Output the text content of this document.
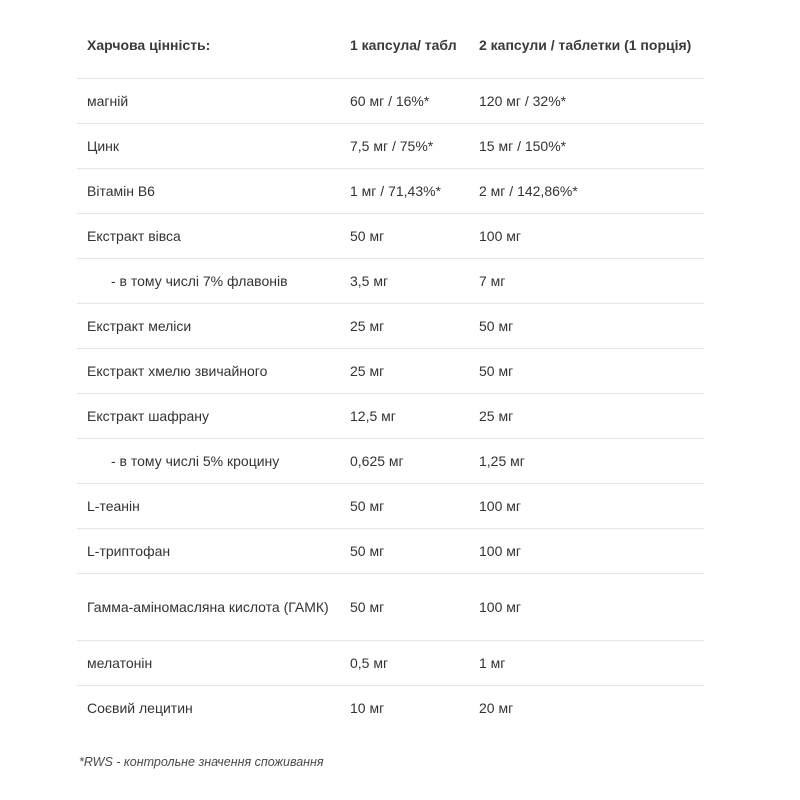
Харчова цінність:	1 капсула/ табл	2 капсули / таблетки (1 порція)
магній	60 мг / 16%*	120 мг / 32%*
Цинк	7,5 мг / 75%*	15 мг / 150%*
Вітамін В6	1 мг / 71,43%*	2 мг / 142,86%*
Екстракт вівса	50 мг	100 мг
- в тому числі 7% флавонів	3,5 мг	7 мг
Екстракт меліси	25 мг	50 мг
Екстракт хмелю звичайного	25 мг	50 мг
Екстракт шафрану	12,5 мг	25 мг
- в тому числі 5% кроцину	0,625 мг	1,25 мг
L-теанін	50 мг	100 мг
L-триптофан	50 мг	100 мг
Гамма-аміномасляна кислота (ГАМК)	50 мг	100 мг
мелатонін	0,5 мг	1 мг
Соєвий лецитин	10 мг	20 мг
*RWS - контрольне значення споживання
